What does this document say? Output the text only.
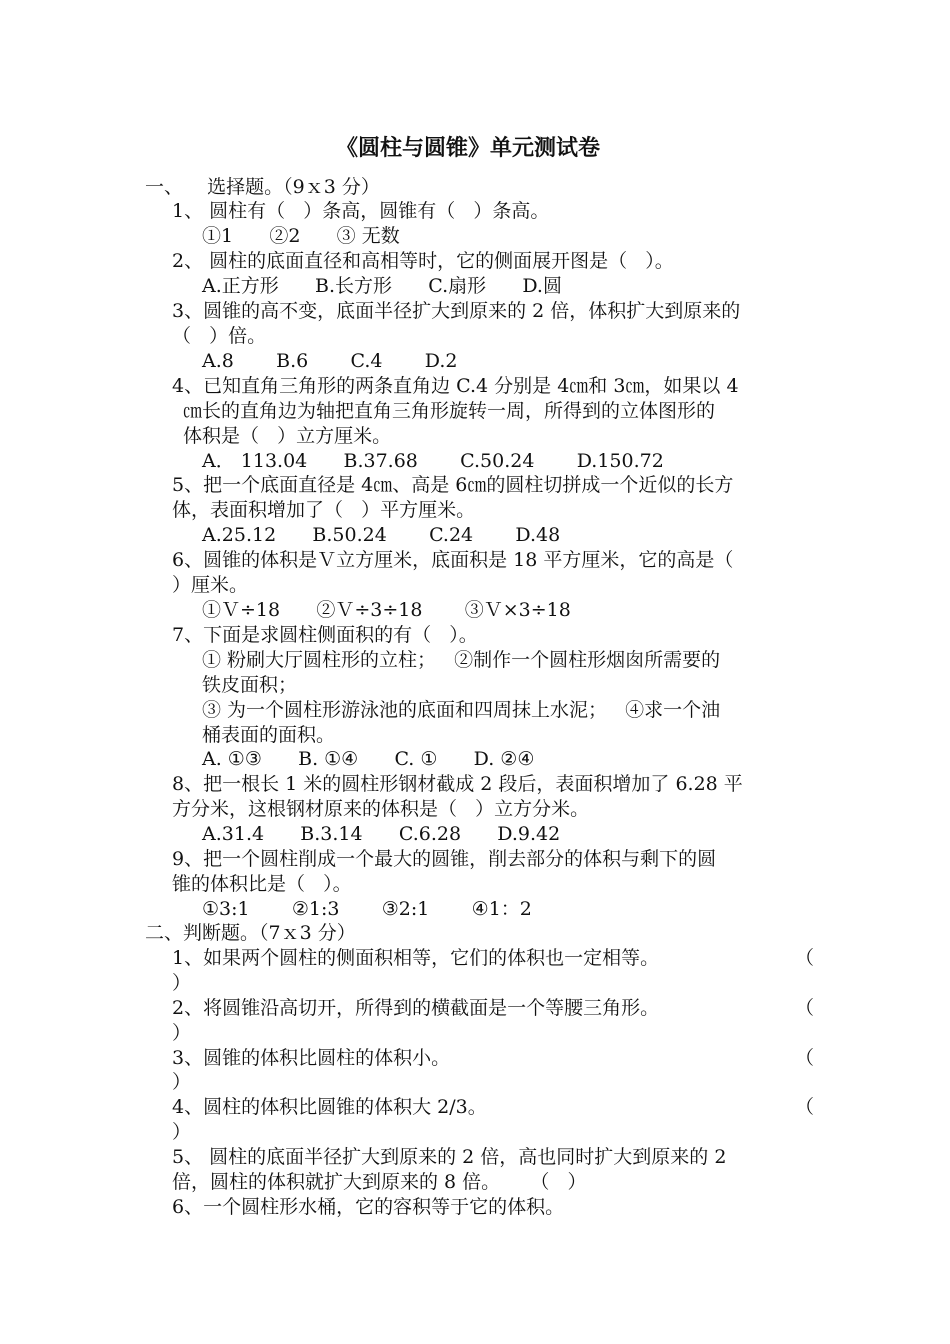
《圆柱与圆锥》单元测试卷
一、    选择题。（9ｘ3 分）
1、 圆柱有（   ）条高，圆锥有（   ）条高。
①1      ②2      ③ 无数
2、 圆柱的底面直径和高相等时，它的侧面展开图是（   ）。
A.正方形      B.长方形      C.扇形      D.圆
3、圆锥的高不变，底面半径扩大到原来的 2 倍，体积扩大到原来的
（   ）倍。
A.8       B.6       C.4       D.2
4、已知直角三角形的两条直角边 C.4 分别是 4㎝和 3㎝，如果以 4
㎝长的直角边为轴把直角三角形旋转一周，所得到的立体图形的
体积是（   ）立方厘米。
A． 113.04      B.37.68       C.50.24       D.150.72
5、把一个底面直径是 4㎝、高是 6㎝的圆柱切拼成一个近似的长方
体，表面积增加了（   ）平方厘米。
A.25.12      B.50.24       C.24       D.48
6、圆锥的体积是Ｖ立方厘米，底面积是 18 平方厘米，它的高是（
）厘米。
①Ｖ÷18      ②Ｖ÷3÷18       ③Ｖ×3÷18
7、下面是求圆柱侧面积的有（   ）。
① 粉刷大厅圆柱形的立柱；   ②制作一个圆柱形烟囱所需要的
铁皮面积；
③ 为一个圆柱形游泳池的底面和四周抹上水泥；   ④求一个油
桶表面的面积。
A. ①③      B. ①④      C. ①      D. ②④
8、把一根长 1 米的圆柱形钢材截成 2 段后，表面积增加了 6.28 平
方分米，这根钢材原来的体积是（   ）立方分米。
A.31.4      B.3.14      C.6.28      D.9.42
9、把一个圆柱削成一个最大的圆锥，削去部分的体积与剩下的圆
锥的体积比是（   ）。
①3:1       ②1:3       ③2:1       ④1：2
二、判断题。（7ｘ3 分）
1、如果两个圆柱的侧面积相等，它们的体积也一定相等。	（
）
2、将圆锥沿高切开，所得到的横截面是一个等腰三角形。	（
）
3、圆锥的体积比圆柱的体积小。	（
）
4、圆柱的体积比圆锥的体积大 2/3。	（
）
5、 圆柱的底面半径扩大到原来的 2 倍，高也同时扩大到原来的 2
倍，圆柱的体积就扩大到原来的 8 倍。     （   ）
6、一个圆柱形水桶，它的容积等于它的体积。
